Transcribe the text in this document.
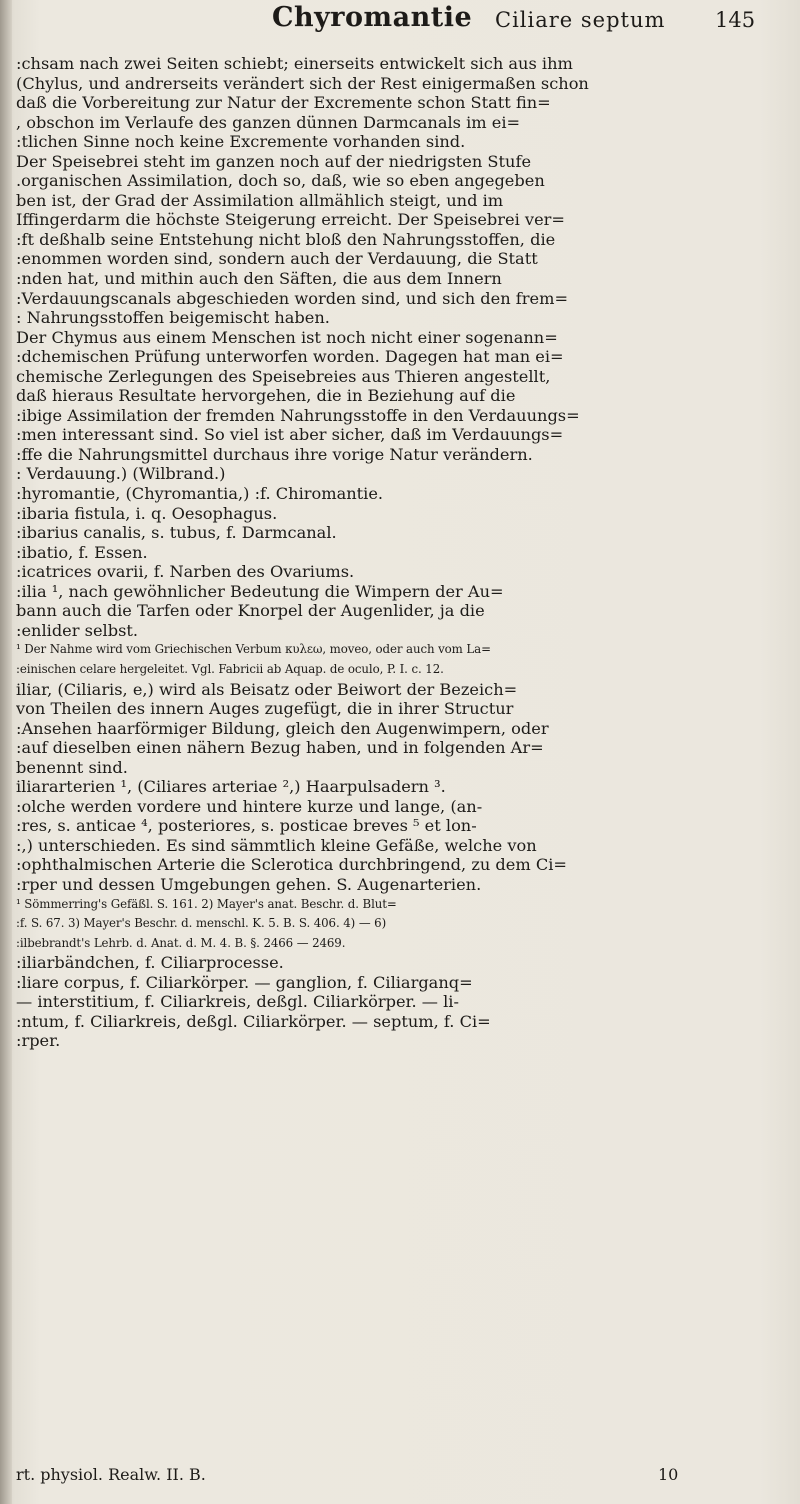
Chyromantie Ciliare septum 145
:chsam nach zwei Seiten schiebt; einerseits entwickelt sich aus ihm
(Chylus, und andrerseits verändert sich der Rest einigermaßen schon
daß die Vorbereitung zur Natur der Excremente schon Statt fin=
, obschon im Verlaufe des ganzen dünnen Darmcanals im ei=
:tlichen Sinne noch keine Excremente vorhanden sind.
Der Speisebrei steht im ganzen noch auf der niedrigsten Stufe
.organischen Assimilation, doch so, daß, wie so eben angegeben
ben ist, der Grad der Assimilation allmählich steigt, und im
Iffingerdarm die höchste Steigerung erreicht. Der Speisebrei ver=
:ft deßhalb seine Entstehung nicht bloß den Nahrungsstoffen, die
:enommen worden sind, sondern auch der Verdauung, die Statt
:nden hat, und mithin auch den Säften, die aus dem Innern
:Verdauungscanals abgeschieden worden sind, und sich den frem=
: Nahrungsstoffen beigemischt haben.
Der Chymus aus einem Menschen ist noch nicht einer sogenann=
:dchemischen Prüfung unterworfen worden. Dagegen hat man ei=
chemische Zerlegungen des Speisebreies aus Thieren angestellt,
daß hieraus Resultate hervorgehen, die in Beziehung auf die
:ibige Assimilation der fremden Nahrungsstoffe in den Verdauungs=
:men interessant sind. So viel ist aber sicher, daß im Verdauungs=
:ffe die Nahrungsmittel durchaus ihre vorige Natur verändern.
: Verdauung.) (Wilbrand.)
:hyromantie, (Chyromantia,) :f. Chiromantie.
:ibaria fistula, i. q. Oesophagus.
:ibarius canalis, s. tubus, f. Darmcanal.
:ibatio, f. Essen.
:icatrices ovarii, f. Narben des Ovariums.
:ilia ¹, nach gewöhnlicher Bedeutung die Wimpern der Au=
bann auch die Tarfen oder Knorpel der Augenlider, ja die
:enlider selbst.
¹ Der Nahme wird vom Griechischen Verbum κυλεω, moveo, oder auch vom La=
:einischen celare hergeleitet. Vgl. Fabricii ab Aquap. de oculo, P. I. c. 12.
iliar, (Ciliaris, e,) wird als Beisatz oder Beiwort der Bezeich=
von Theilen des innern Auges zugefügt, die in ihrer Structur
:Ansehen haarförmiger Bildung, gleich den Augenwimpern, oder
:auf dieselben einen nähern Bezug haben, und in folgenden Ar=
benennt sind.
iliararterien ¹, (Ciliares arteriae ²,) Haarpulsadern ³.
:olche werden vordere und hintere kurze und lange, (an-
:res, s. anticae ⁴, posteriores, s. posticae breves ⁵ et lon-
:,) unterschieden. Es sind sämmtlich kleine Gefäße, welche von
:ophthalmischen Arterie die Sclerotica durchbringend, zu dem Ci=
:rper und dessen Umgebungen gehen. S. Augenarterien.
¹ Sömmerring's Gefäßl. S. 161. 2) Mayer's anat. Beschr. d. Blut=
:f. S. 67. 3) Mayer's Beschr. d. menschl. K. 5. B. S. 406. 4) — 6)
:ilbebrandt's Lehrb. d. Anat. d. M. 4. B. §. 2466 — 2469.
:iliarbändchen, f. Ciliarprocesse.
:liare corpus, f. Ciliarkörper. — ganglion, f. Ciliarganq=
— interstitium, f. Ciliarkreis, deßgl. Ciliarkörper. — li-
:ntum, f. Ciliarkreis, deßgl. Ciliarkörper. — septum, f. Ci=
:rper.
rt. physiol. Realw. II. B.	10
